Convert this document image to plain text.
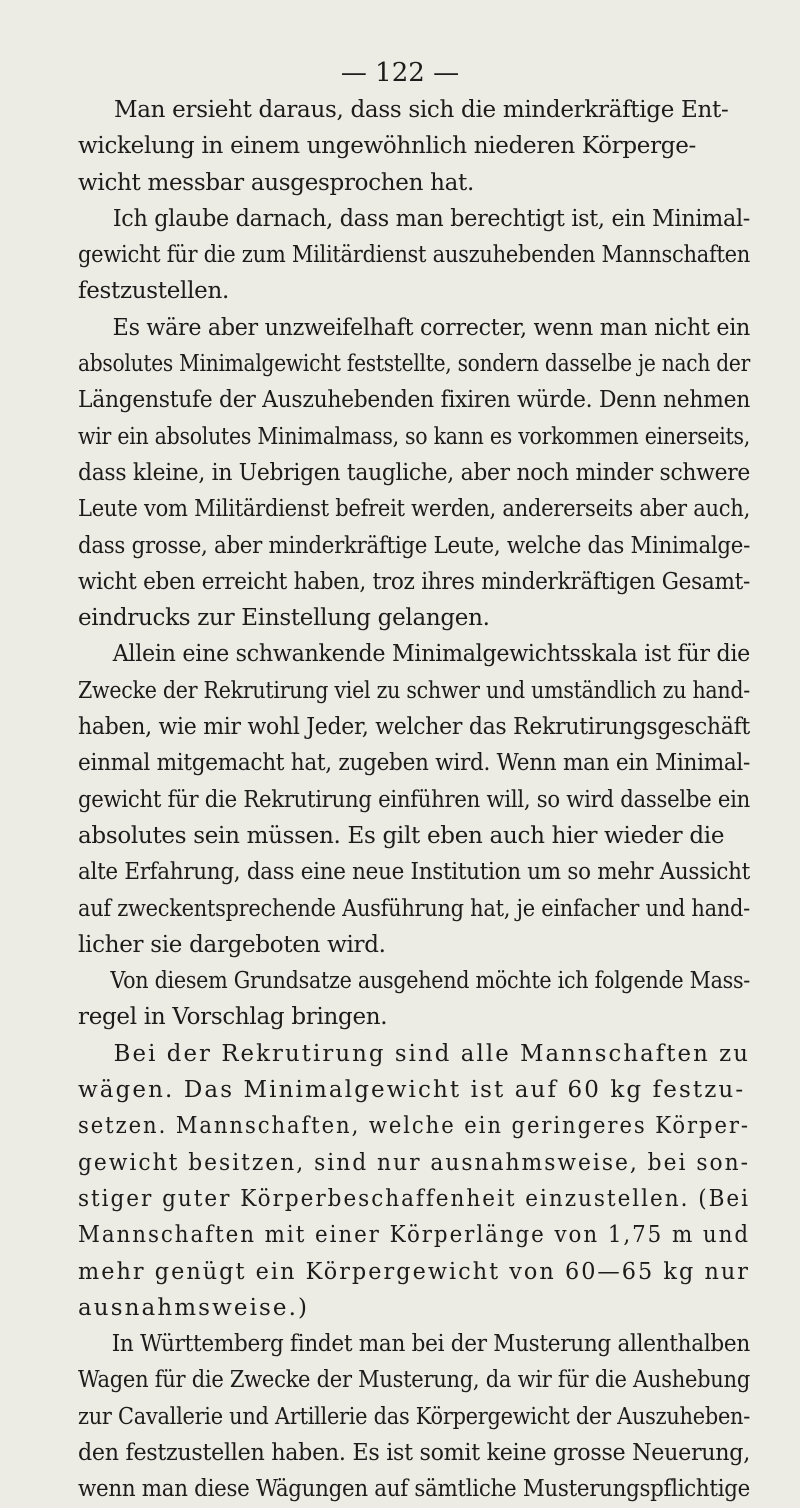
— 122 —
Man ersieht daraus, dass sich die minderkräftige Ent-
wickelung in einem ungewöhnlich niederen Körperge-
wicht messbar ausgesprochen hat.
Ich glaube darnach, dass man berechtigt ist, ein Minimal-
gewicht für die zum Militärdienst auszuhebenden Mannschaften
festzustellen.
Es wäre aber unzweifelhaft correcter, wenn man nicht ein
absolutes Minimalgewicht feststellte, sondern dasselbe je nach der
Längenstufe der Auszuhebenden fixiren würde. Denn nehmen
wir ein absolutes Minimalmass, so kann es vorkommen einerseits,
dass kleine, in Uebrigen taugliche, aber noch minder schwere
Leute vom Militärdienst befreit werden, andererseits aber auch,
dass grosse, aber minderkräftige Leute, welche das Minimalge-
wicht eben erreicht haben, troz ihres minderkräftigen Gesamt-
eindrucks zur Einstellung gelangen.
Allein eine schwankende Minimalgewichtsskala ist für die
Zwecke der Rekrutirung viel zu schwer und umständlich zu hand-
haben, wie mir wohl Jeder, welcher das Rekrutirungsgeschäft
einmal mitgemacht hat, zugeben wird. Wenn man ein Minimal-
gewicht für die Rekrutirung einführen will, so wird dasselbe ein
absolutes sein müssen. Es gilt eben auch hier wieder die
alte Erfahrung, dass eine neue Institution um so mehr Aussicht
auf zweckentsprechende Ausführung hat, je einfacher und hand-
licher sie dargeboten wird.
Von diesem Grundsatze ausgehend möchte ich folgende Mass-
regel in Vorschlag bringen.
Bei der Rekrutirung sind alle Mannschaften zu
wägen. Das Minimalgewicht ist auf 60 kg festzu-
setzen. Mannschaften, welche ein geringeres Körper-
gewicht besitzen, sind nur ausnahmsweise, bei son-
stiger guter Körperbeschaffenheit einzustellen. (Bei
Mannschaften mit einer Körperlänge von 1,75 m und
mehr genügt ein Körpergewicht von 60—65 kg nur
ausnahmsweise.)
In Württemberg findet man bei der Musterung allenthalben
Wagen für die Zwecke der Musterung, da wir für die Aushebung
zur Cavallerie und Artillerie das Körpergewicht der Auszuheben-
den festzustellen haben. Es ist somit keine grosse Neuerung,
wenn man diese Wägungen auf sämtliche Musterungspflichtige
